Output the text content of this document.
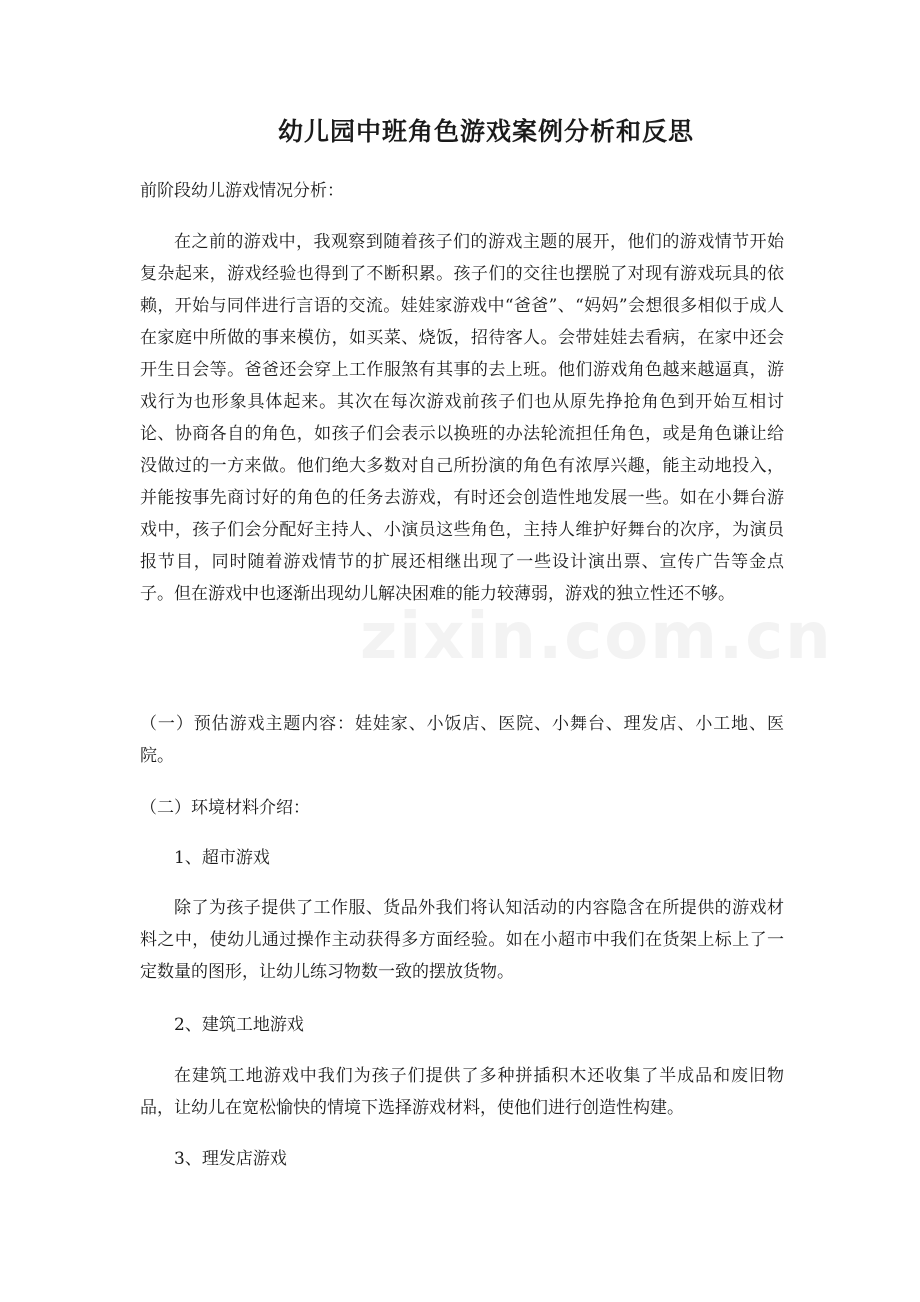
zixin.com.cn
幼儿园中班角色游戏案例分析和反思

前阶段幼儿游戏情况分析：

在之前的游戏中，我观察到随着孩子们的游戏主题的展开，他们的游戏情节开始复杂起来，游戏经验也得到了不断积累。孩子们的交往也摆脱了对现有游戏玩具的依赖，开始与同伴进行言语的交流。娃娃家游戏中“爸爸”、“妈妈”会想很多相似于成人在家庭中所做的事来模仿，如买菜、烧饭，招待客人。会带娃娃去看病，在家中还会开生日会等。爸爸还会穿上工作服煞有其事的去上班。他们游戏角色越来越逼真，游戏行为也形象具体起来。其次在每次游戏前孩子们也从原先挣抢角色到开始互相讨论、协商各自的角色，如孩子们会表示以换班的办法轮流担任角色，或是角色谦让给没做过的一方来做。他们绝大多数对自己所扮演的角色有浓厚兴趣，能主动地投入，并能按事先商讨好的角色的任务去游戏，有时还会创造性地发展一些。如在小舞台游戏中，孩子们会分配好主持人、小演员这些角色，主持人维护好舞台的次序，为演员报节目，同时随着游戏情节的扩展还相继出现了一些设计演出票、宣传广告等金点子。但在游戏中也逐渐出现幼儿解决困难的能力较薄弱，游戏的独立性还不够。

（一）预估游戏主题内容：娃娃家、小饭店、医院、小舞台、理发店、小工地、医院。

（二）环境材料介绍：

1、超市游戏

除了为孩子提供了工作服、货品外我们将认知活动的内容隐含在所提供的游戏材料之中，使幼儿通过操作主动获得多方面经验。如在小超市中我们在货架上标上了一定数量的图形，让幼儿练习物数一致的摆放货物。

2、建筑工地游戏

在建筑工地游戏中我们为孩子们提供了多种拼插积木还收集了半成品和废旧物品，让幼儿在宽松愉快的情境下选择游戏材料，使他们进行创造性构建。

3、理发店游戏
